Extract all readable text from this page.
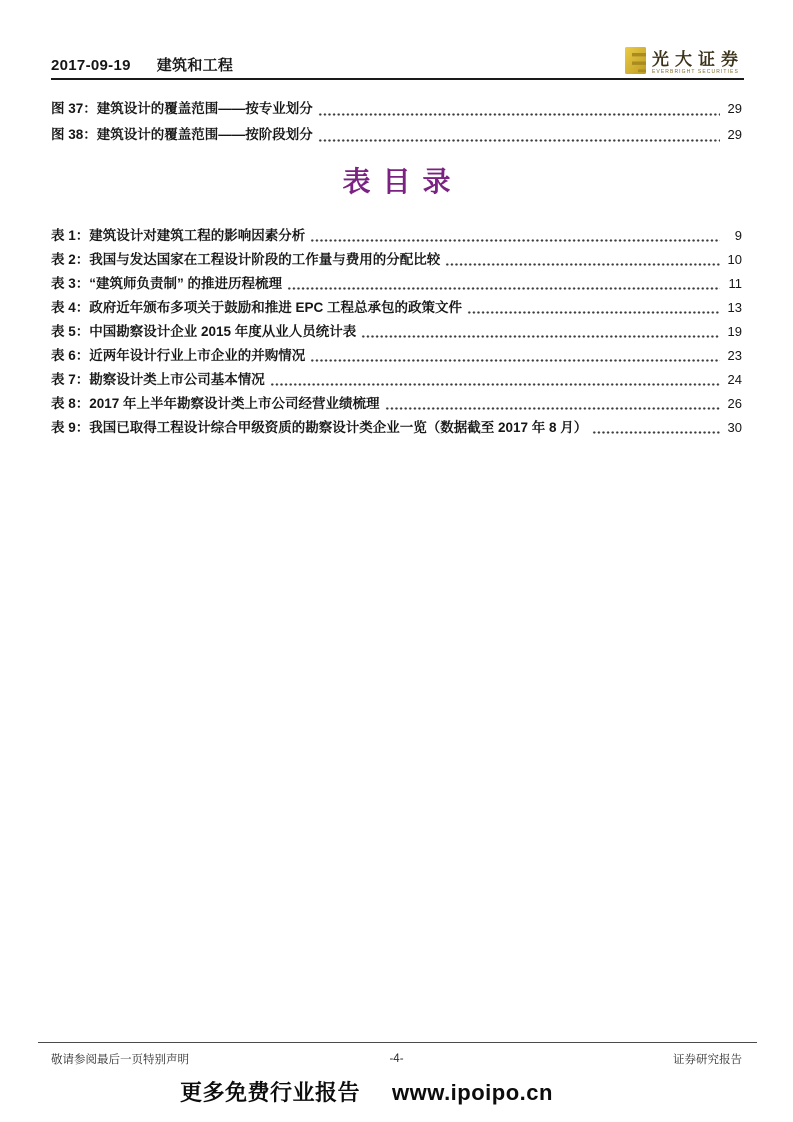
2017-09-19 建筑和工程	光大证券
EVERBRIGHT SECURITIES
图 37：建筑设计的覆盖范围——按专业划分	29
图 38：建筑设计的覆盖范围——按阶段划分	29
表目录
表 1：建筑设计对建筑工程的影响因素分析	9
表 2：我国与发达国家在工程设计阶段的工作量与费用的分配比较	10
表 3：“建筑师负责制” 的推进历程梳理	11
表 4：政府近年颁布多项关于鼓励和推进 EPC 工程总承包的政策文件	13
表 5：中国勘察设计企业 2015 年度从业人员统计表	19
表 6：近两年设计行业上市企业的并购情况	23
表 7：勘察设计类上市公司基本情况	24
表 8：2017 年上半年勘察设计类上市公司经营业绩梳理	26
表 9：我国已取得工程设计综合甲级资质的勘察设计类企业一览（数据截至 2017 年 8 月）	30
敬请参阅最后一页特别声明	-4-	证券研究报告
更多免费行业报告 www.ipoipo.cn
